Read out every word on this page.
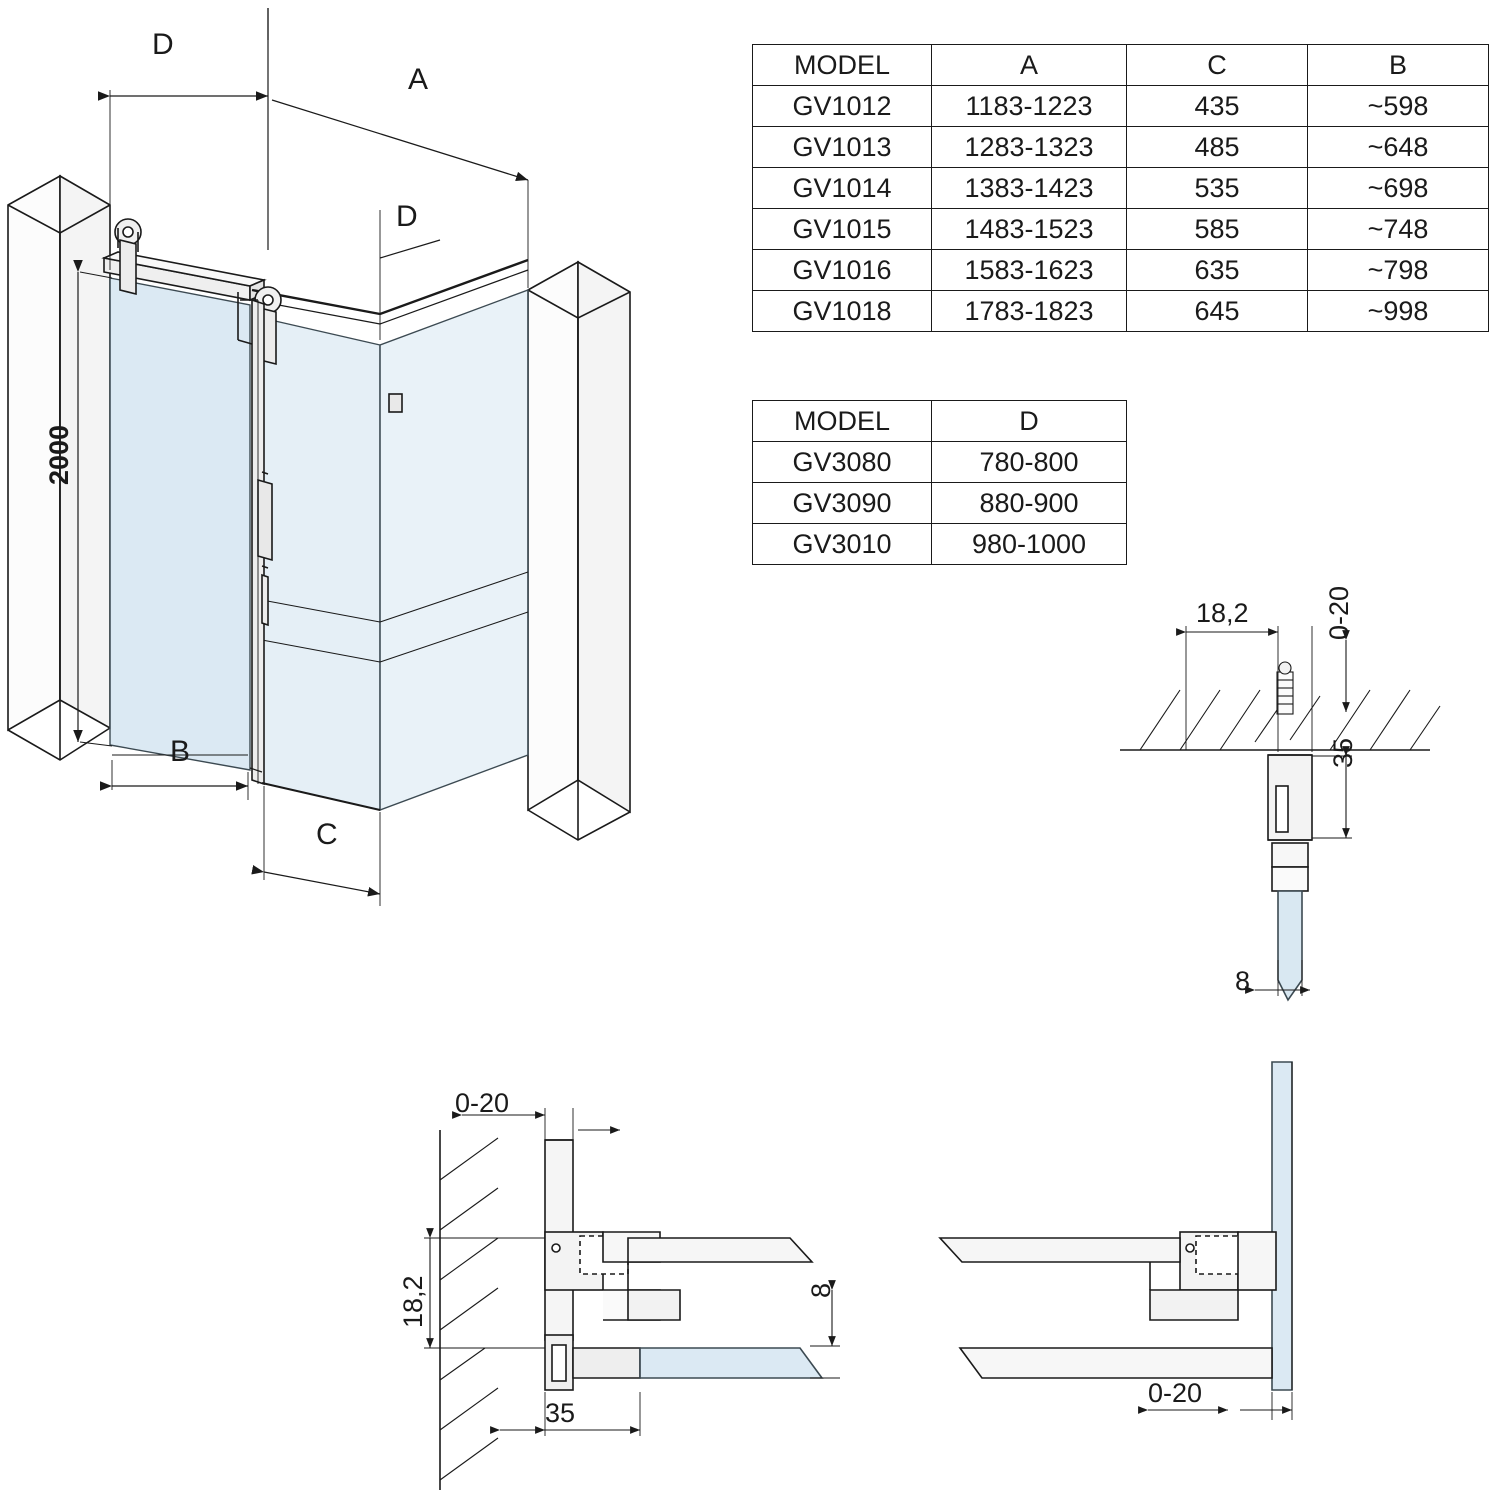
MODEL	A	C	B
GV1012	1183-1223	435	~598
GV1013	1283-1323	485	~648
GV1014	1383-1423	535	~698
GV1015	1483-1523	585	~748
GV1016	1583-1623	635	~798
GV1018	1783-1823	645	~998
MODEL	D
GV3080	780-800
GV3090	880-900
GV3010	980-1000
D
A
D
2000
B
C
18,2	0-20
35
8
0-20
18,2
35
8
0-20
